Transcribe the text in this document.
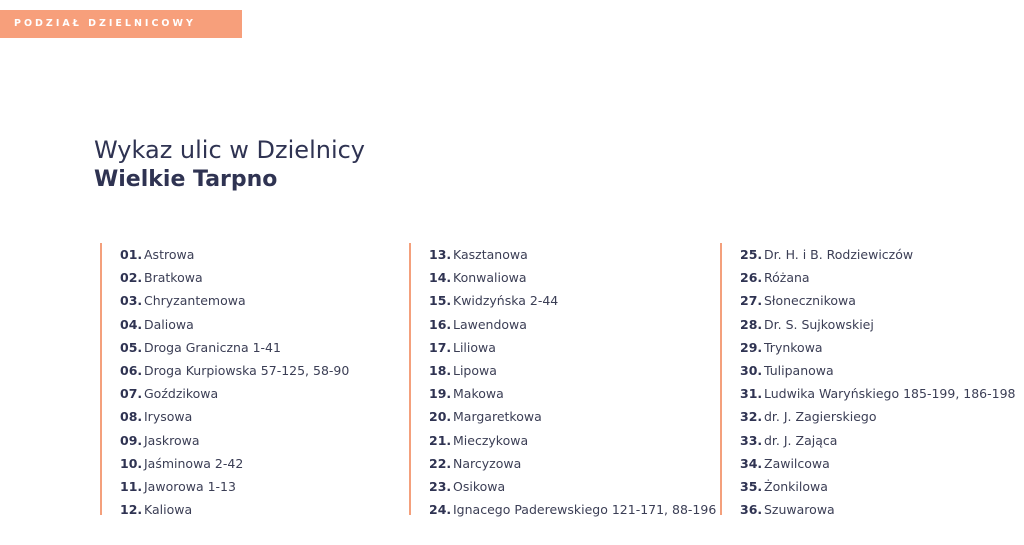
PODZIAŁ DZIELNICOWY
Wykaz ulic w Dzielnicy
Wielkie Tarpno
01. Astrowa
02. Bratkowa
03. Chryzantemowa
04. Daliowa
05. Droga Graniczna 1-41
06. Droga Kurpiowska 57-125, 58-90
07. Goździkowa
08. Irysowa
09. Jaskrowa
10. Jaśminowa 2-42
11. Jaworowa 1-13
12. Kaliowa
13. Kasztanowa
14. Konwaliowa
15. Kwidzyńska 2-44
16. Lawendowa
17. Liliowa
18. Lipowa
19. Makowa
20. Margaretkowa
21. Mieczykowa
22. Narcyzowa
23. Osikowa
24. Ignacego Paderewskiego 121-171, 88-196
25. Dr. H. i B. Rodziewiczów
26. Różana
27. Słonecznikowa
28. Dr. S. Sujkowskiej
29. Trynkowa
30. Tulipanowa
31. Ludwika Waryńskiego 185-199, 186-198
32. dr. J. Zagierskiego
33. dr. J. Zająca
34. Zawilcowa
35. Żonkilowa
36. Szuwarowa
